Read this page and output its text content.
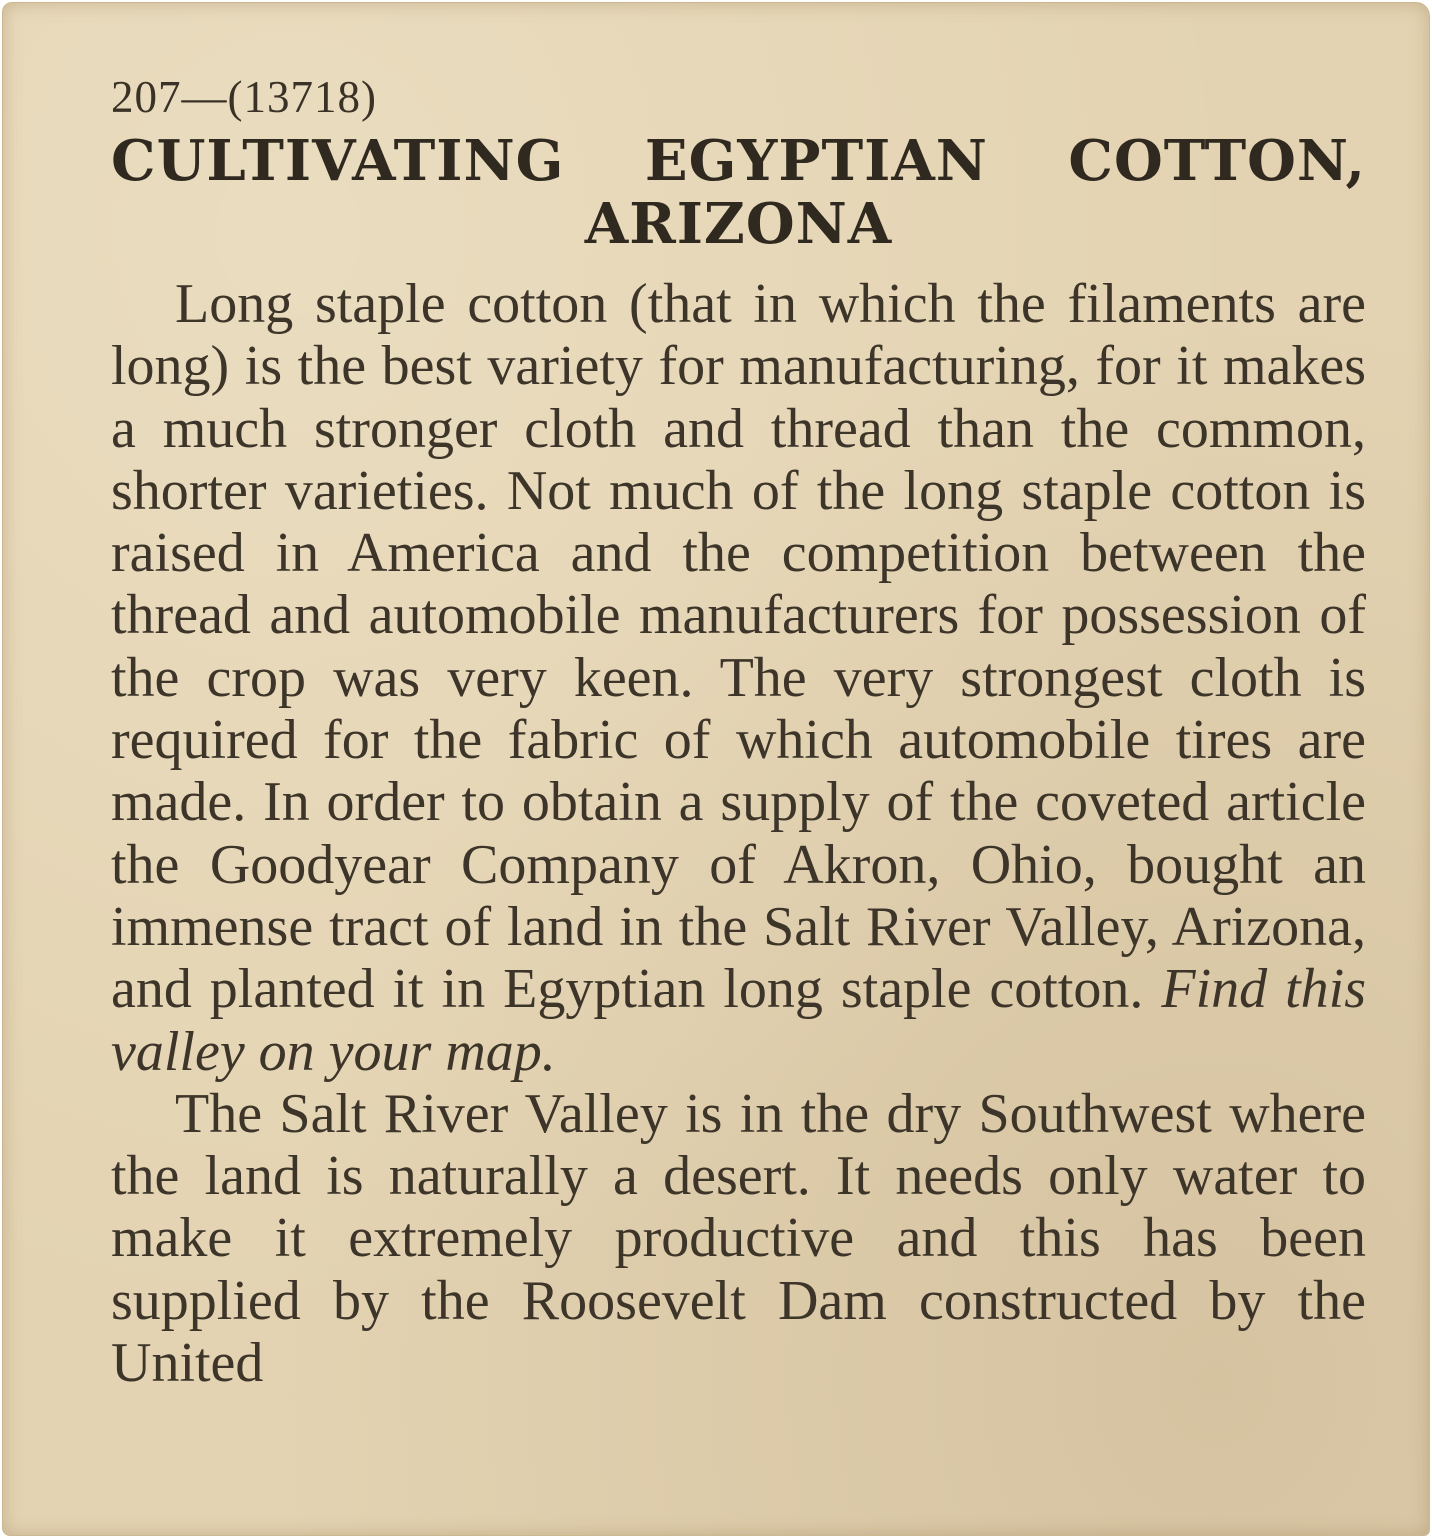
207—(13718)
CULTIVATING EGYPTIAN COTTON,
ARIZONA

Long staple cotton (that in which the filaments are long) is the best variety for manufacturing, for it makes a much stronger cloth and thread than the common, shorter varieties. Not much of the long staple cotton is raised in America and the competition between the thread and automobile manufacturers for possession of the crop was very keen. The very strongest cloth is required for the fabric of which automobile tires are made. In order to obtain a supply of the coveted article the Goodyear Company of Akron, Ohio, bought an immense tract of land in the Salt River Valley, Arizona, and planted it in Egyptian long staple cotton. Find this valley on your map.

The Salt River Valley is in the dry Southwest where the land is naturally a desert. It needs only water to make it extremely productive and this has been supplied by the Roosevelt Dam constructed by the United
